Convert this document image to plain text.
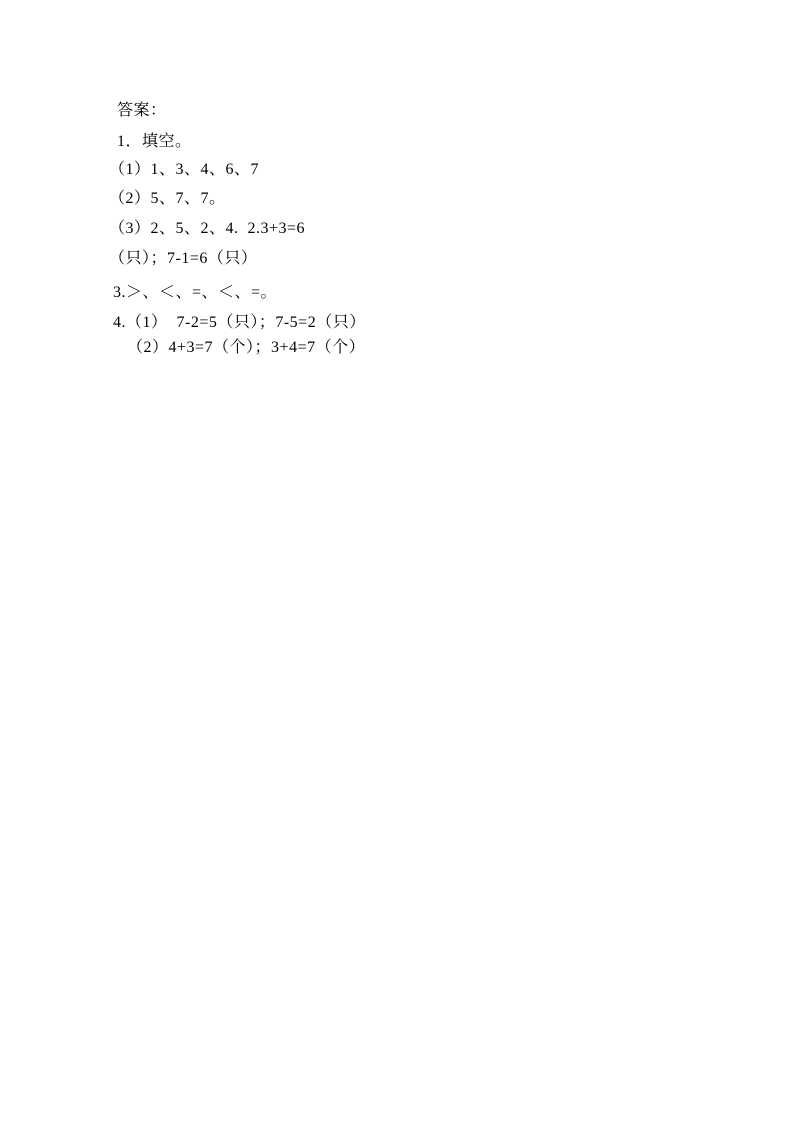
答案：
1．填空。
（1）1、3、4、6、7
（2）5、7、7。
（3）2、5、2、4.  2.3+3=6
（只）；7-1=6（只）
3.＞、＜、=、＜、=。
4.（1）  7-2=5（只）；7-5=2（只）
（2）4+3=7（个）；3+4=7（个）
